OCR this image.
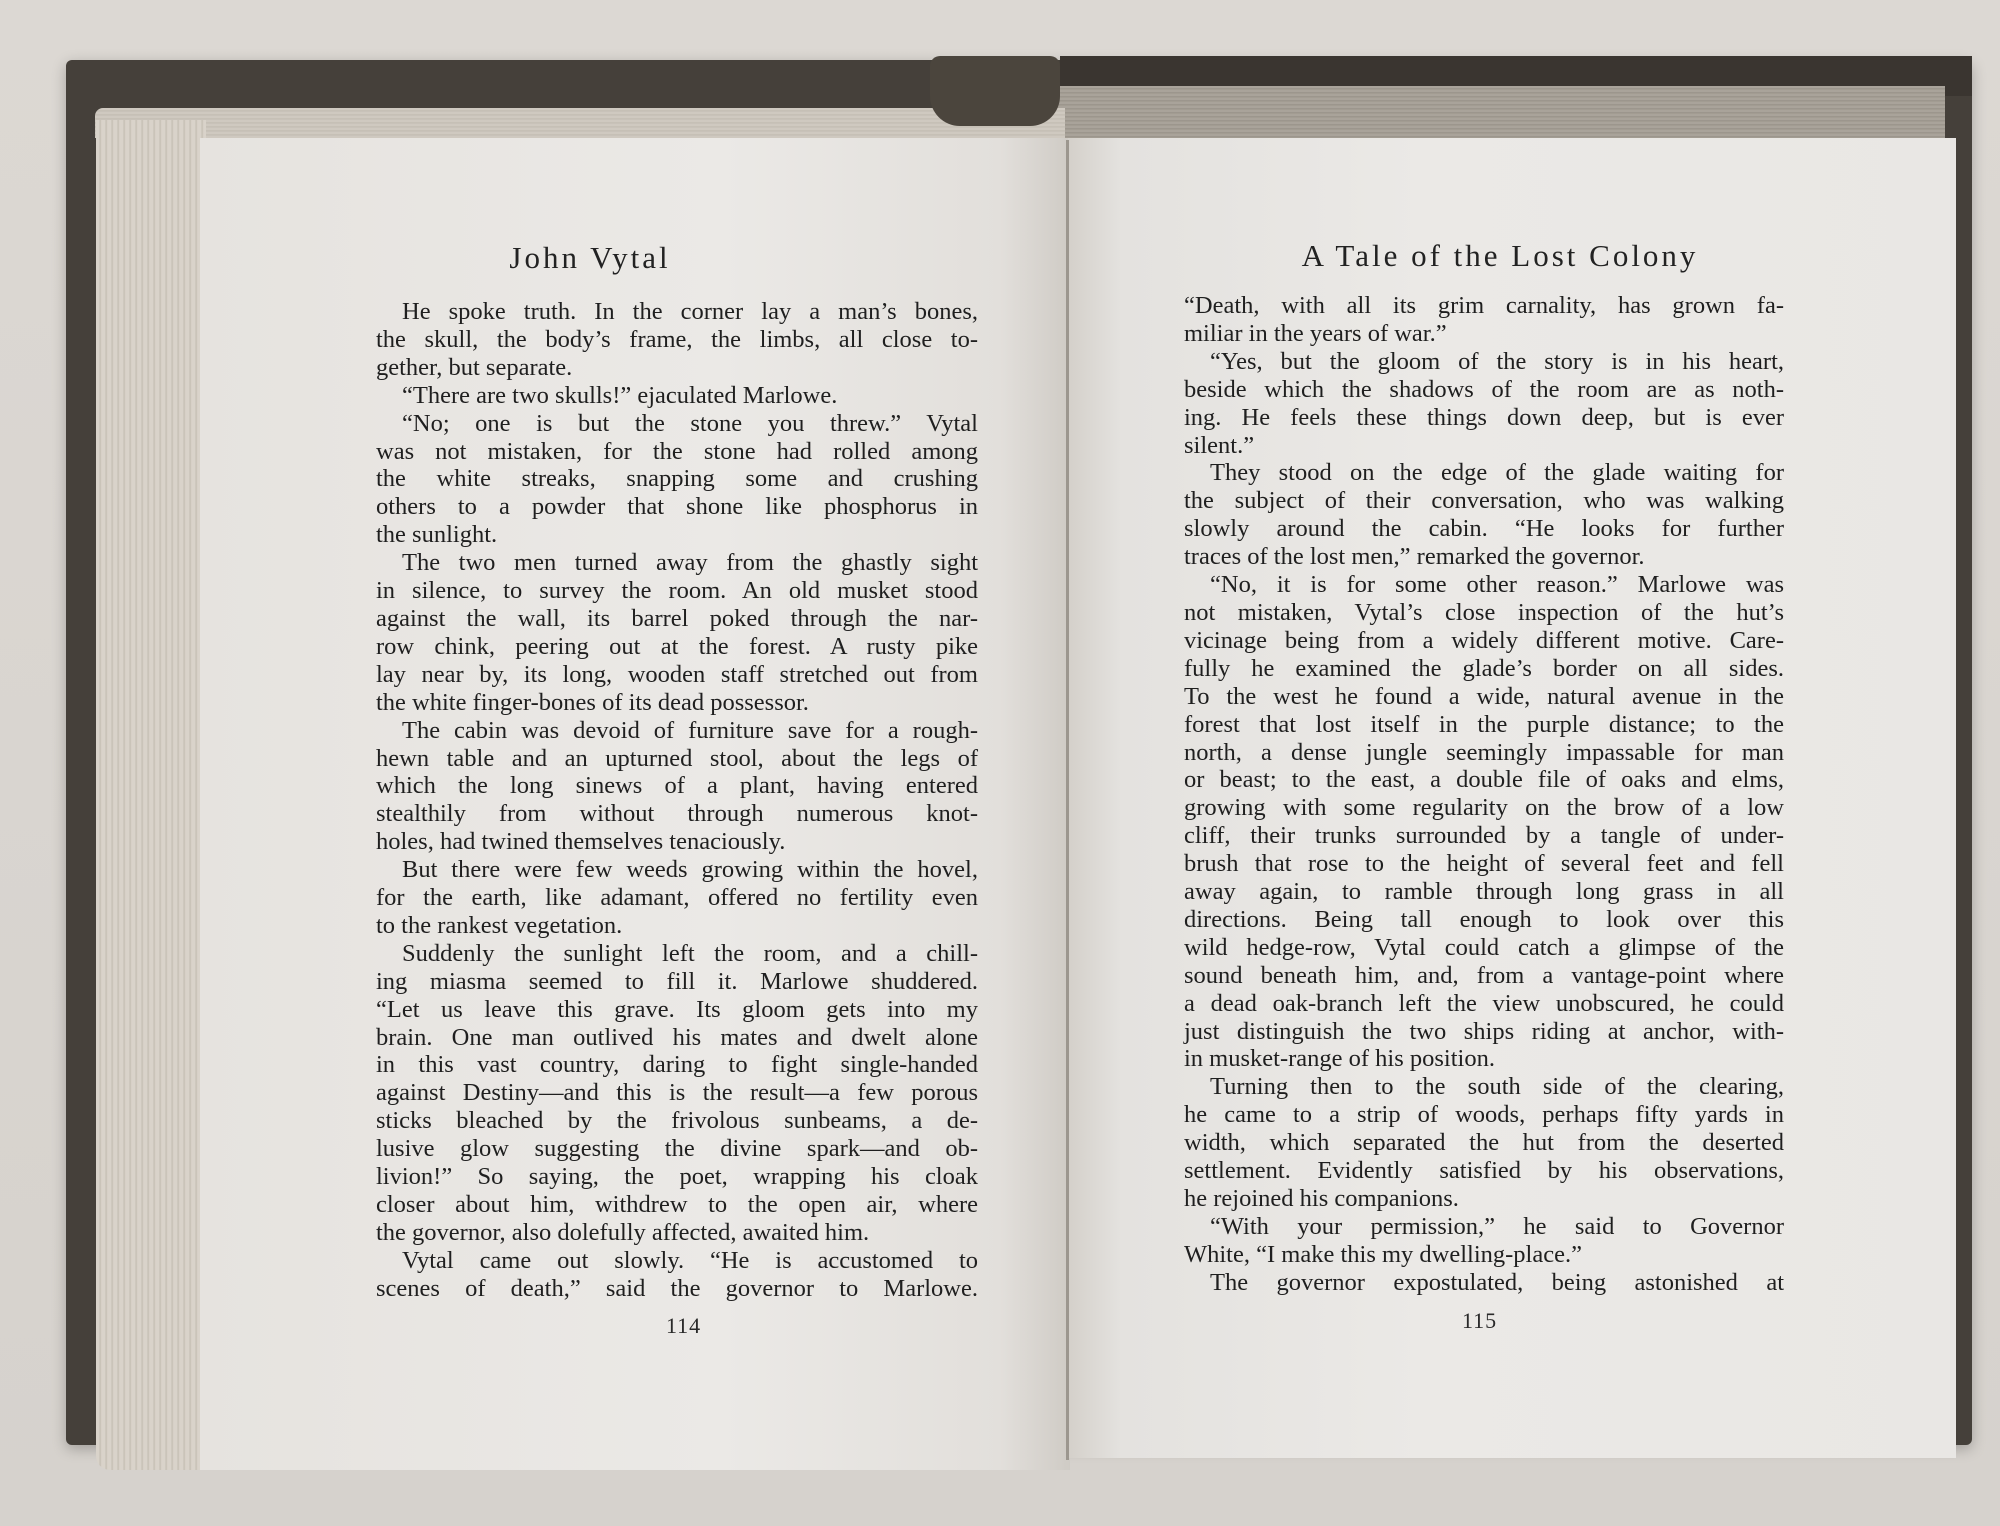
John Vytal	A Tale of the Lost Colony
He spoke truth. In the corner lay a man’s bones,
the skull, the body’s frame, the limbs, all close to-
gether, but separate.
“There are two skulls!” ejaculated Marlowe.
“No; one is but the stone you threw.” Vytal
was not mistaken, for the stone had rolled among
the white streaks, snapping some and crushing
others to a powder that shone like phosphorus in
the sunlight.
The two men turned away from the ghastly sight
in silence, to survey the room. An old musket stood
against the wall, its barrel poked through the nar-
row chink, peering out at the forest. A rusty pike
lay near by, its long, wooden staff stretched out from
the white finger-bones of its dead possessor.
The cabin was devoid of furniture save for a rough-
hewn table and an upturned stool, about the legs of
which the long sinews of a plant, having entered
stealthily from without through numerous knot-
holes, had twined themselves tenaciously.
But there were few weeds growing within the hovel,
for the earth, like adamant, offered no fertility even
to the rankest vegetation.
Suddenly the sunlight left the room, and a chill-
ing miasma seemed to fill it. Marlowe shuddered.
“Let us leave this grave. Its gloom gets into my
brain. One man outlived his mates and dwelt alone
in this vast country, daring to fight single-handed
against Destiny—and this is the result—a few porous
sticks bleached by the frivolous sunbeams, a de-
lusive glow suggesting the divine spark—and ob-
livion!” So saying, the poet, wrapping his cloak
closer about him, withdrew to the open air, where
the governor, also dolefully affected, awaited him.
Vytal came out slowly. “He is accustomed to
scenes of death,” said the governor to Marlowe.
“Death, with all its grim carnality, has grown fa-
miliar in the years of war.”
“Yes, but the gloom of the story is in his heart,
beside which the shadows of the room are as noth-
ing. He feels these things down deep, but is ever
silent.”
They stood on the edge of the glade waiting for
the subject of their conversation, who was walking
slowly around the cabin. “He looks for further
traces of the lost men,” remarked the governor.
“No, it is for some other reason.” Marlowe was
not mistaken, Vytal’s close inspection of the hut’s
vicinage being from a widely different motive. Care-
fully he examined the glade’s border on all sides.
To the west he found a wide, natural avenue in the
forest that lost itself in the purple distance; to the
north, a dense jungle seemingly impassable for man
or beast; to the east, a double file of oaks and elms,
growing with some regularity on the brow of a low
cliff, their trunks surrounded by a tangle of under-
brush that rose to the height of several feet and fell
away again, to ramble through long grass in all
directions. Being tall enough to look over this
wild hedge-row, Vytal could catch a glimpse of the
sound beneath him, and, from a vantage-point where
a dead oak-branch left the view unobscured, he could
just distinguish the two ships riding at anchor, with-
in musket-range of his position.
Turning then to the south side of the clearing,
he came to a strip of woods, perhaps fifty yards in
width, which separated the hut from the deserted
settlement. Evidently satisfied by his observations,
he rejoined his companions.
“With your permission,” he said to Governor
White, “I make this my dwelling-place.”
The governor expostulated, being astonished at
114	115
